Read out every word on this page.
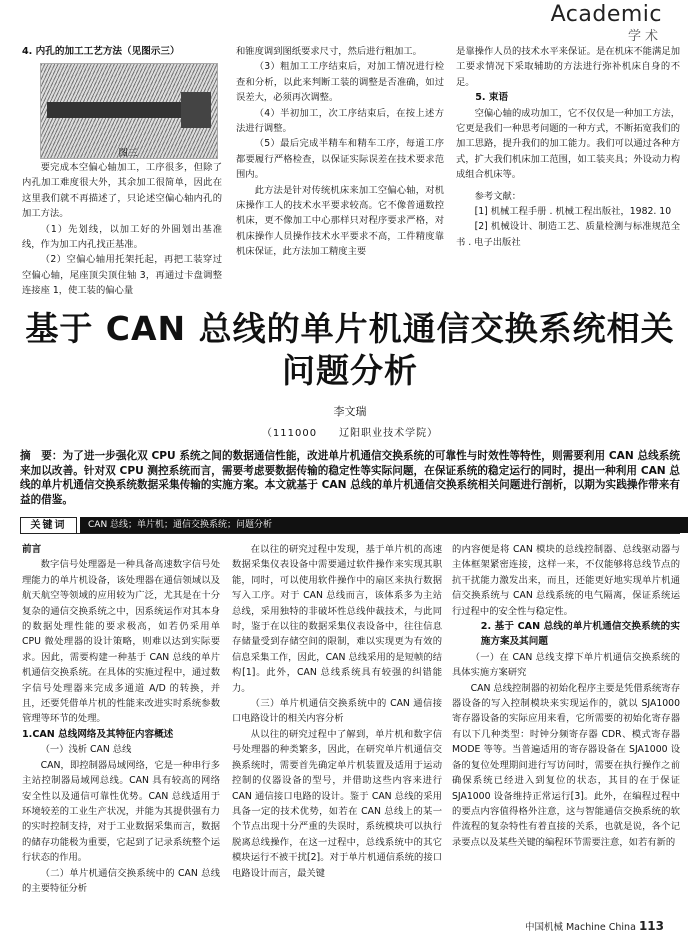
Academic
学术
4. 内孔的加工工艺方法（见图示三）
图三

要完成本空偏心轴加工，工序很多，但除了内孔加工难度很大外，其余加工很简单，因此在这里我们就不再描述了，只论述空偏心轴内孔的加工方法。

（1）先划线，以加工好的外圆划出基准线，作为加工内孔找正基准。

（2）空偏心轴用托架托起，再把工装穿过空偏心轴，尾座顶尖顶住轴 3，再通过卡盘调整连接座 1，使工装的偏心量

和锥度调到图纸要求尺寸，然后进行粗加工。

（3）粗加工工序结束后，对加工情况进行检查和分析，以此来判断工装的调整是否准确，如过误差大，必须再次调整。

（4）半初加工，次工序结束后，在按上述方法进行调整。

（5）最后完成半精车和精车工序，每道工序都要履行严格检查，以保证实际误差在技术要求范围内。

此方法是针对传统机床来加工空偏心轴，对机床操作工人的技术水平要求较高。它不像普通数控机床，更不像加工中心那样只对程序要求严格，对机床操作人员操作技术水平要求不高，工件精度靠机床保证，此方法加工精度主要

是靠操作人员的技术水平来保证。是在机床不能满足加工要求情况下采取辅助的方法进行弥补机床自身的不足。

5. 束语

空偏心轴的成功加工，它不仅仅是一种加工方法，它更是我们一种思考问题的一种方式，不断拓宽我们的加工思路，提升我们的加工能力。我们可以通过各种方式，扩大我们机床加工范围，如工装夹具；外设动力构成组合机床等。

参考文献：

[1] 机械工程手册 . 机械工程出版社，1982. 10

[2] 机械设计、制造工艺、质量检测与标准规范全书 . 电子出版社

基于 CAN 总线的单片机通信交换系统相关
问题分析
李文瑞
（111000　　辽阳职业技术学院）
摘　要：为了进一步强化双 CPU 系统之间的数据通信性能，改进单片机通信交换系统的可靠性与时效性等特性，则需要利用 CAN 总线系统来加以改善。针对双 CPU 测控系统而言，需要考虑要数据传输的稳定性等实际问题，在保证系统的稳定运行的同时，提出一种利用 CAN 总线的单片机通信交换系统数据采集传输的实施方案。本文就基于 CAN 总线的单片机通信交换系统相关问题进行剖析，以期为实践操作带来有益的借鉴。
关键词	CAN 总线；单片机；通信交换系统；问题分析
前言

数字信号处理器是一种具备高速数字信号处理能力的单片机设备，该处理器在通信领域以及航天航空等领域的应用较为广泛，尤其是在十分复杂的通信交换系统之中，因系统运作对其本身的数据处理性能的要求极高，如若仍采用单 CPU 微处理器的设计策略，则难以达到实际要求。因此，需要构建一种基于 CAN 总线的单片机通信交换系统。在具体的实施过程中，通过数字信号处理器来完成多通道 A/D 的转换，并且，还要凭借单片机的性能来改进实时系统参数管理等环节的处理。

1.CAN 总线网络及其特征内容概述

（一）浅析 CAN 总线

CAN，即控制器局域网络，它是一种串行多主站控制器局域网总线。CAN 具有较高的网络安全性以及通信可靠性优势。CAN 总线适用于环境较差的工业生产状况，并能为其提供强有力的实时控制支持，对于工业数据采集而言，数据的储存功能极为重要，它起到了记录系统整个运行状态的作用。

（二）单片机通信交换系统中的 CAN 总线的主要特征分析

在以往的研究过程中发现，基于单片机的高速数据采集仪表设备中需要通过软件操作来实现其职能，同时，可以使用软件操作中的扇区来执行数据写入工序。对于 CAN 总线而言，该体系多为主站总线，采用独特的非破坏性总线仲裁技术，与此同时，鉴于在以往的数据采集仪表设备中，往往信息存储量受到存储空间的限制，难以实现更为有效的信息采集工作，因此，CAN 总线采用的是短帧的结构[1]。此外，CAN 总线系统具有较强的纠错能力。

（三）单片机通信交换系统中的 CAN 通信接口电路设计的相关内容分析

从以往的研究过程中了解到，单片机和数字信号处理器的种类繁多，因此，在研究单片机通信交换系统时，需要首先确定单片机装置及适用于运动控制的仪器设备的型号，并借助这些内容来进行 CAN 通信接口电路的设计。鉴于 CAN 总线的采用具备一定的技术优势，如若在 CAN 总线上的某一个节点出现十分严重的失误时，系统模块可以执行脱离总线操作，在这一过程中，总线系统中的其它模块运行不被干扰[2]。对于单片机通信系统的接口电路设计而言，最关键

的内容便是将 CAN 模块的总线控制器、总线驱动器与主体框架紧密连接，这样一来，不仅能够将总线节点的抗干扰能力激发出来，而且，还能更好地实现单片机通信交换系统与 CAN 总线系统的电气隔离，保证系统运行过程中的安全性与稳定性。

2. 基于 CAN 总线的单片机通信交换系统的实施方案及其问题

（一）在 CAN 总线支撑下单片机通信交换系统的具体实施方案研究

CAN 总线控制器的初始化程序主要是凭借系统寄存器设备的写入控制模块来实现运作的，就以 SJA1000 寄存器设备的实际应用来看，它所需要的初始化寄存器有以下几种类型：时钟分频寄存器 CDR、模式寄存器 MODE 等等。当普遍适用的寄存器设备在 SJA1000 设备的复位处理期间进行写访问时，需要在执行操作之前确保系统已经进入到复位的状态，其目的在于保证 SJA1000 设备维持正常运行[3]。此外，在编程过程中的要点内容值得格外注意，这与智能通信交换系统的软件流程的复杂特性有着直接的关系，也就是说，各个记录要点以及某些关键的编程环节需要注意，如若有新的

中国机械 Machine China 113
